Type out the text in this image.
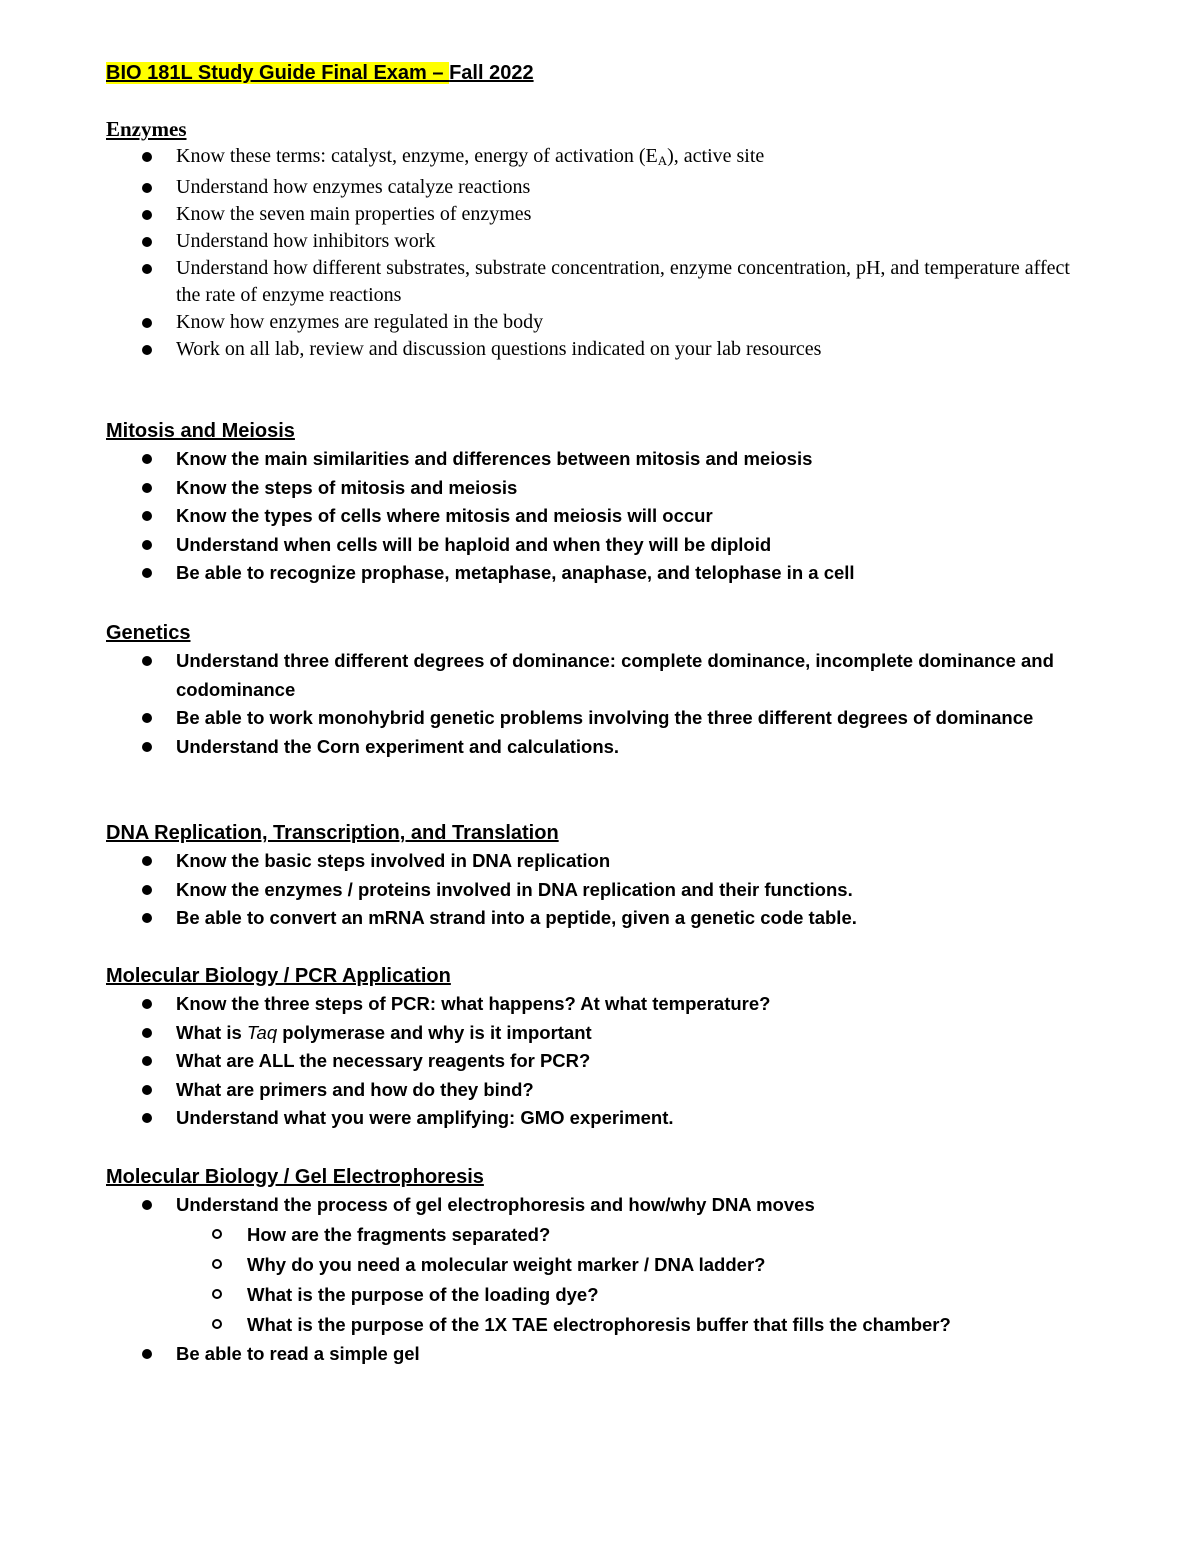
BIO 181L Study Guide Final Exam – Fall 2022
Enzymes
Know these terms: catalyst, enzyme, energy of activation $(E_A)$, active site
Understand how enzymes catalyze reactions
Know the seven main properties of enzymes
Understand how inhibitors work
Understand how different substrates, substrate concentration, enzyme concentration, pH, and temperature affect the rate of enzyme reactions
Know how enzymes are regulated in the body
Work on all lab, review and discussion questions indicated on your lab resources
Mitosis and Meiosis
Know the main similarities and differences between mitosis and meiosis
Know the steps of mitosis and meiosis
Know the types of cells where mitosis and meiosis will occur
Understand when cells will be haploid and when they will be diploid
Be able to recognize prophase, metaphase, anaphase, and telophase in a cell
Genetics
Understand three different degrees of dominance: complete dominance, incomplete dominance and codominance
Be able to work monohybrid genetic problems involving the three different degrees of dominance
Understand the Corn experiment and calculations.
DNA Replication, Transcription, and Translation
Know the basic steps involved in DNA replication
Know the enzymes / proteins involved in DNA replication and their functions.
Be able to convert an mRNA strand into a peptide, given a genetic code table.
Molecular Biology / PCR Application
Know the three steps of PCR: what happens? At what temperature?
What is Taq polymerase and why is it important
What are ALL the necessary reagents for PCR?
What are primers and how do they bind?
Understand what you were amplifying: GMO experiment.
Molecular Biology / Gel Electrophoresis
Understand the process of gel electrophoresis and how/why DNA moves
How are the fragments separated?
Why do you need a molecular weight marker / DNA ladder?
What is the purpose of the loading dye?
What is the purpose of the 1X TAE electrophoresis buffer that fills the chamber?
Be able to read a simple gel
